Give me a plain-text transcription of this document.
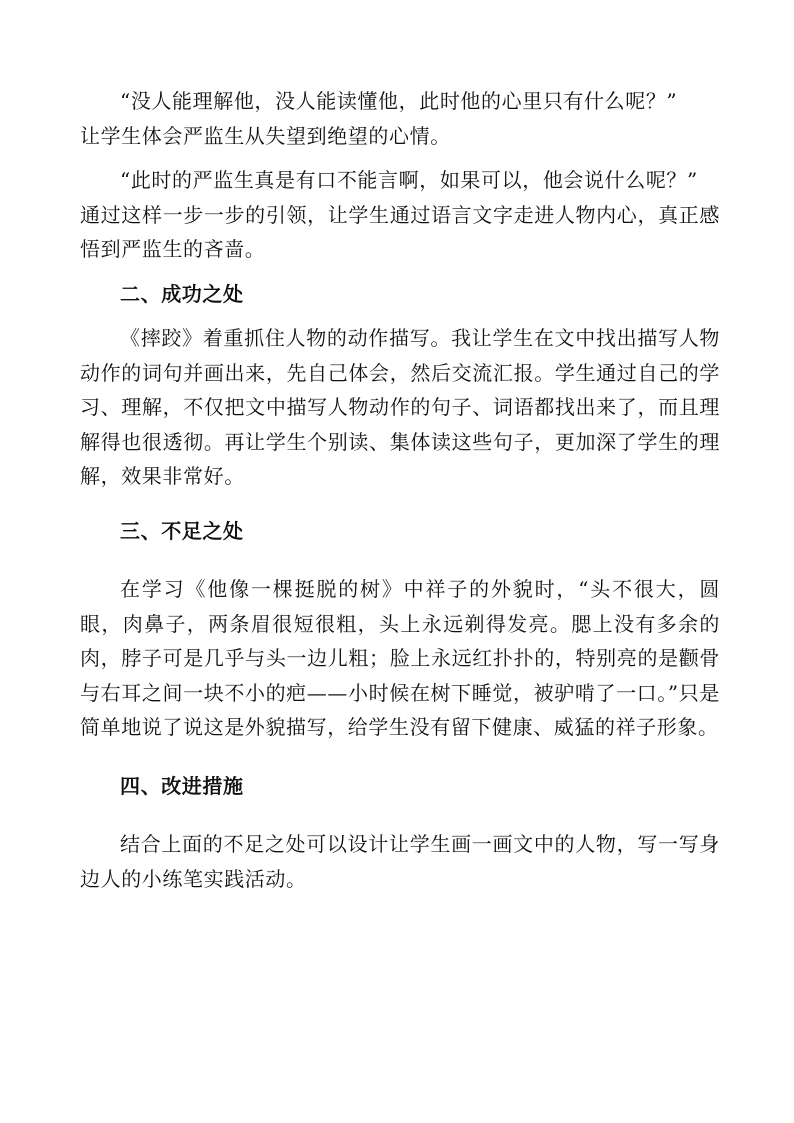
“没人能理解他，没人能读懂他，此时他的心里只有什么呢？”

让学生体会严监生从失望到绝望的心情。

“此时的严监生真是有口不能言啊，如果可以，他会说什么呢？”

通过这样一步一步的引领，让学生通过语言文字走进人物内心，真正感悟到严监生的吝啬。

二、成功之处

《摔跤》着重抓住人物的动作描写。我让学生在文中找出描写人物动作的词句并画出来，先自己体会，然后交流汇报。学生通过自己的学习、理解，不仅把文中描写人物动作的句子、词语都找出来了，而且理解得也很透彻。再让学生个别读、集体读这些句子，更加深了学生的理解，效果非常好。

三、不足之处

在学习《他像一棵挺脱的树》中祥子的外貌时，“头不很大，圆眼，肉鼻子，两条眉很短很粗，头上永远剃得发亮。腮上没有多余的肉，脖子可是几乎与头一边儿粗；脸上永远红扑扑的，特别亮的是颧骨与右耳之间一块不小的疤——小时候在树下睡觉，被驴啃了一口。”只是简单地说了说这是外貌描写，给学生没有留下健康、威猛的祥子形象。

四、改进措施

结合上面的不足之处可以设计让学生画一画文中的人物，写一写身边人的小练笔实践活动。
